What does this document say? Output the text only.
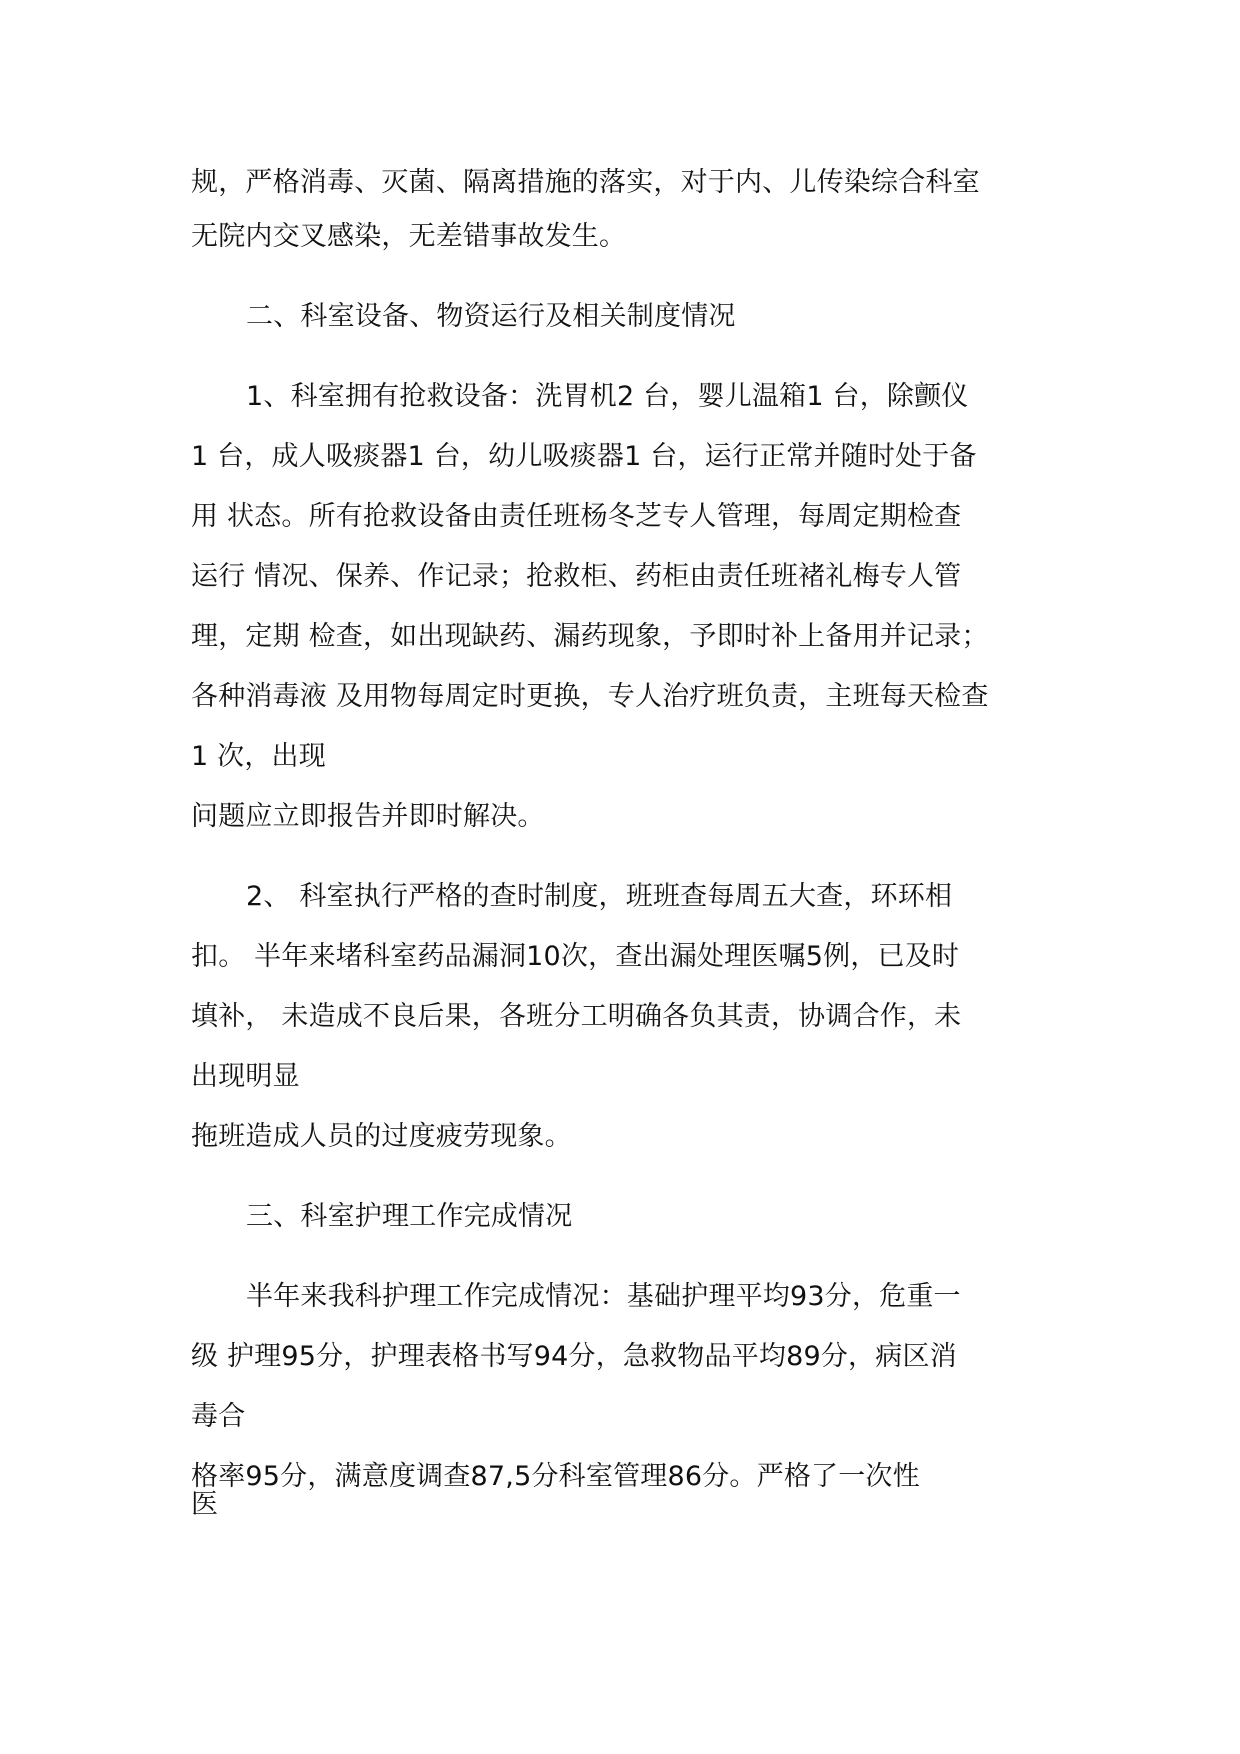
规，严格消毒、灭菌、隔离措施的落实，对于内、儿传染综合科室

无院内交叉感染，无差错事故发生。

二、科室设备、物资运行及相关制度情况

1、科室拥有抢救设备：洗胃机2 台，婴儿温箱1 台，除颤仪

1 台，成人吸痰器1 台，幼儿吸痰器1 台，运行正常并随时处于备

用 状态。所有抢救设备由责任班杨冬芝专人管理，每周定期检查

运行 情况、保养、作记录；抢救柜、药柜由责任班褚礼梅专人管

理，定期 检查，如出现缺药、漏药现象，予即时补上备用并记录；

各种消毒液 及用物每周定时更换，专人治疗班负责，主班每天检查

1 次，出现

问题应立即报告并即时解决。

2、 科室执行严格的查时制度，班班查每周五大查，环环相

扣。 半年来堵科室药品漏洞10次，查出漏处理医嘱5例，已及时

填补， 未造成不良后果，各班分工明确各负其责，协调合作，未

出现明显

拖班造成人员的过度疲劳现象。

三、科室护理工作完成情况

半年来我科护理工作完成情况：基础护理平均93分，危重一

级 护理95分，护理表格书写94分，急救物品平均89分，病区消

毒合

格率95分，满意度调查87,5分科室管理86分。严格了一次性

医
